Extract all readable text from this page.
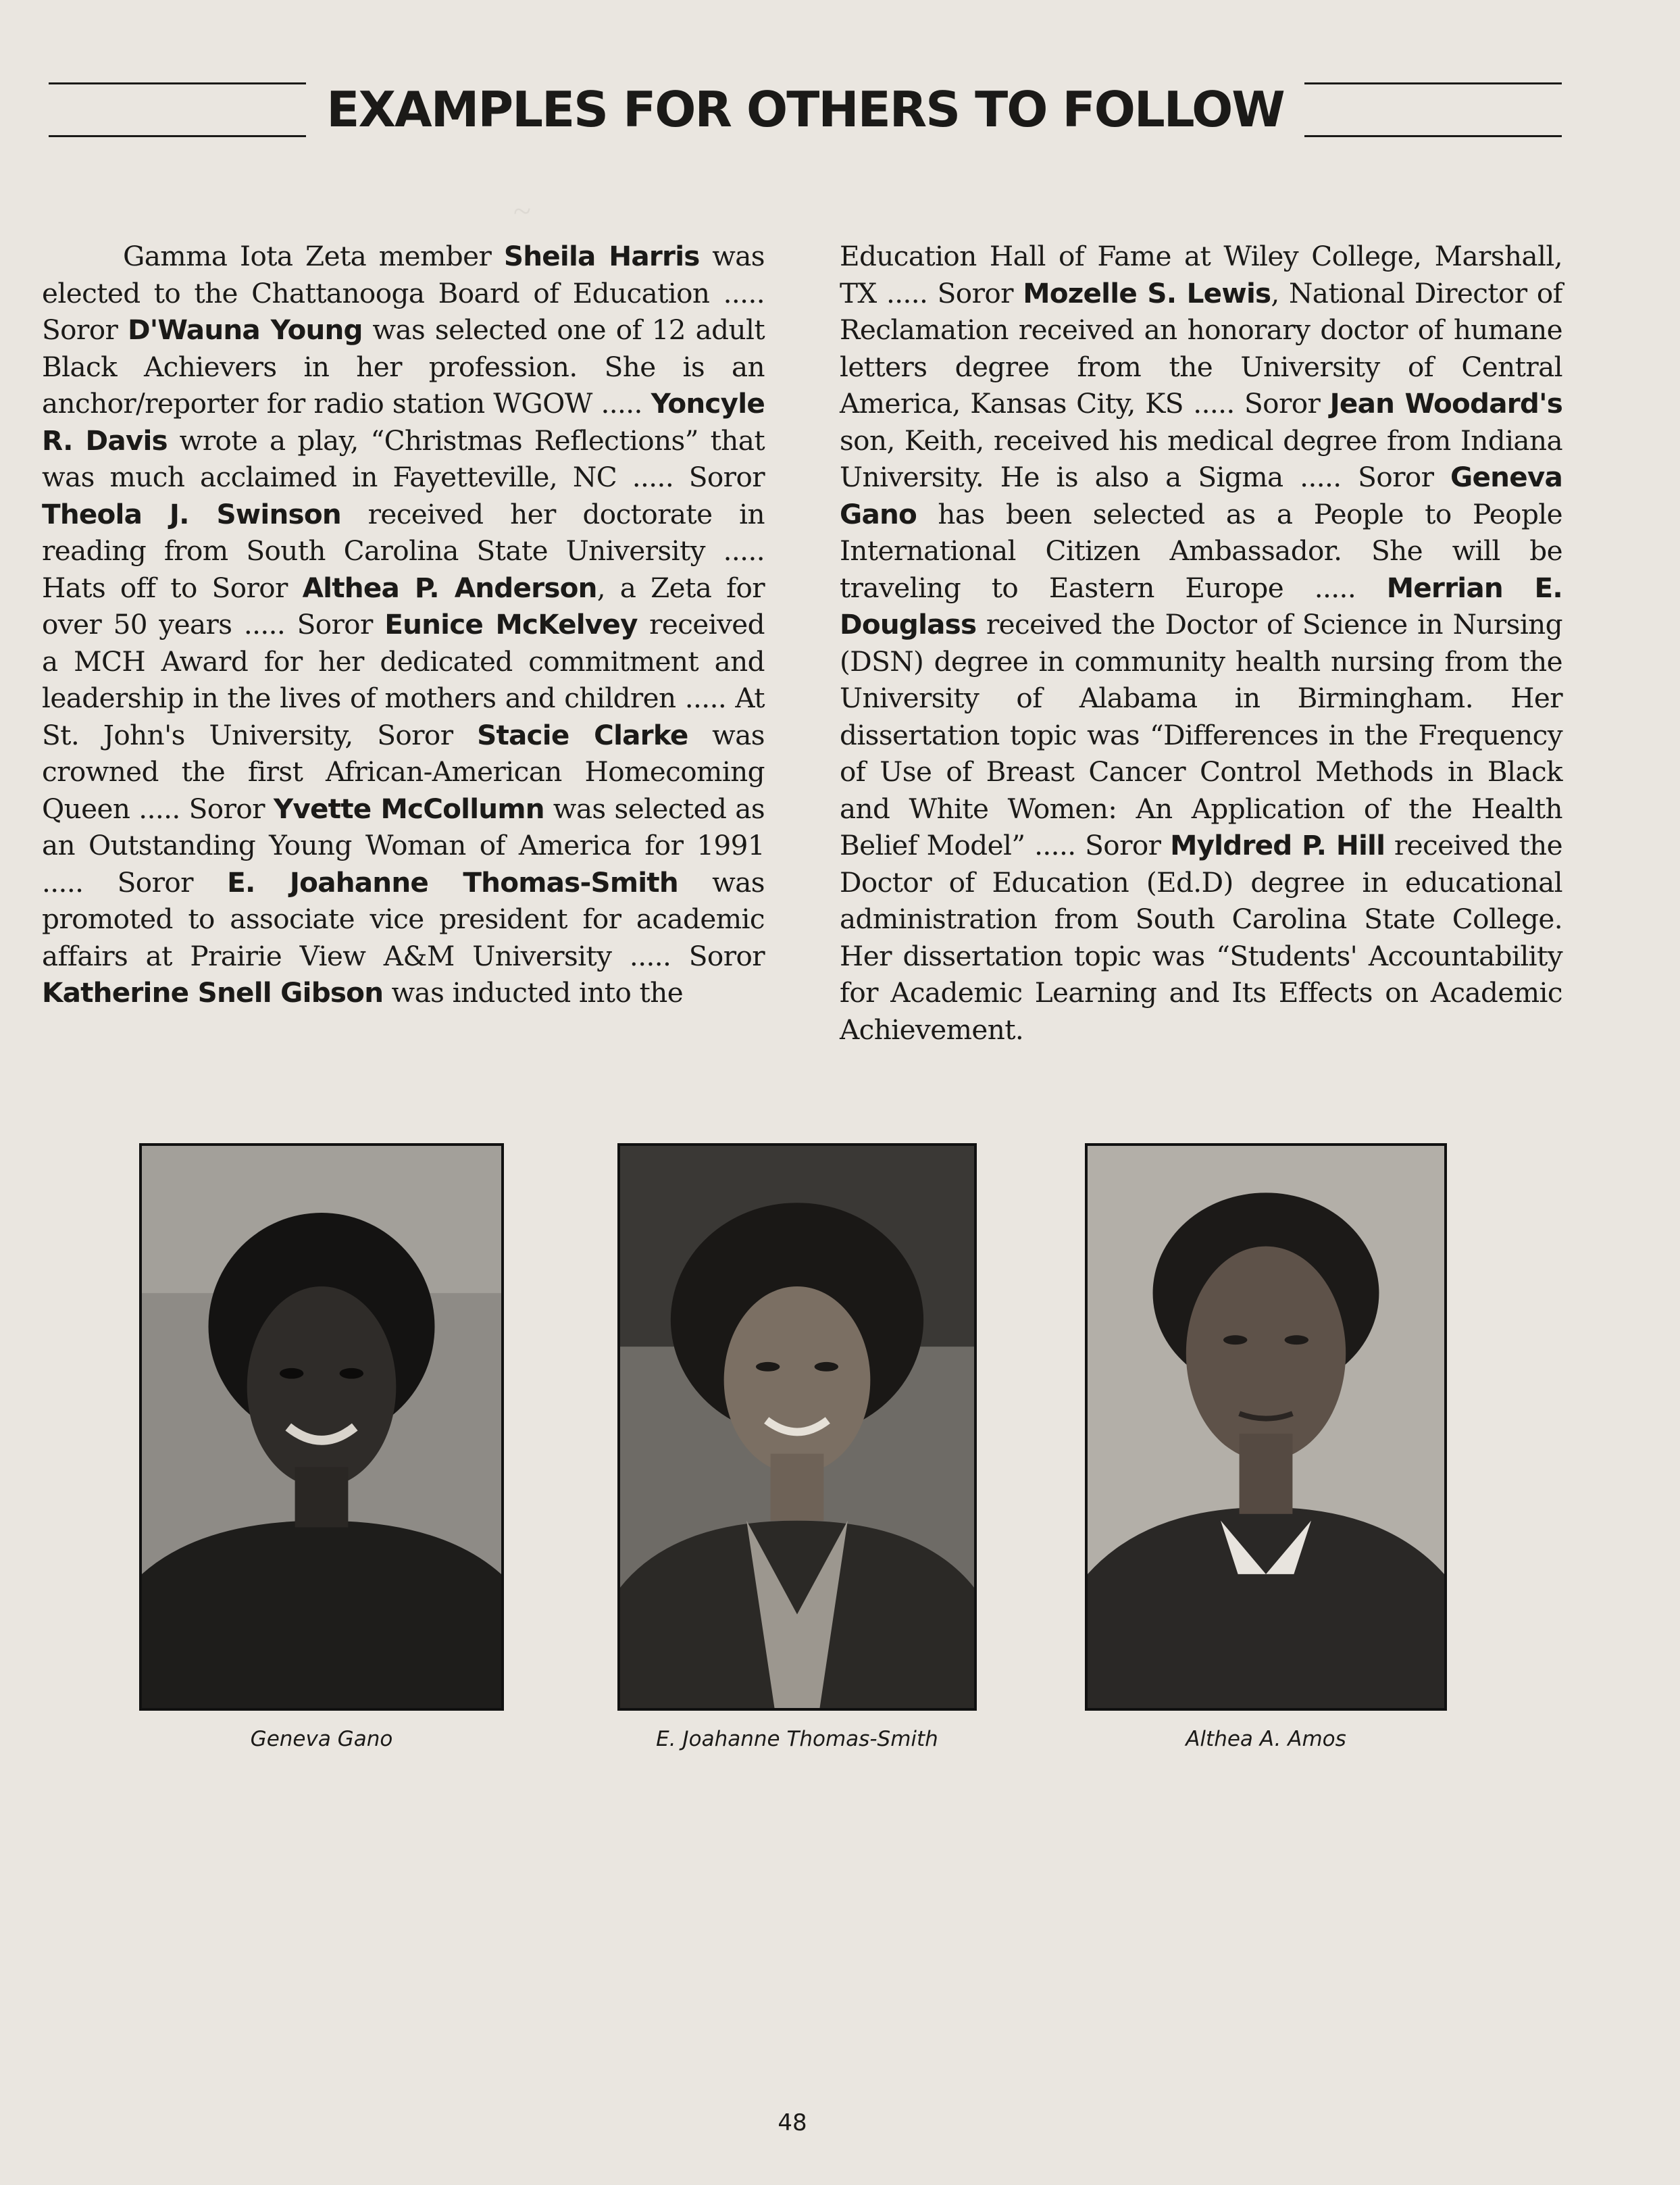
~
EXAMPLES FOR OTHERS TO FOLLOW

Gamma Iota Zeta member Sheila Harris was elected to the Chattanooga Board of Education ..... Soror D'Wauna Young was selected one of 12 adult Black Achievers in her profession. She is an anchor/reporter for radio station WGOW ..... Yoncyle R. Davis wrote a play, “Christmas Reflections” that was much acclaimed in Fayetteville, NC ..... Soror Theola J. Swinson received her doctorate in reading from South Carolina State University ..... Hats off to Soror Althea P. Anderson, a Zeta for over 50 years ..... Soror Eunice McKelvey received a MCH Award for her dedicated commitment and leadership in the lives of mothers and children ..... At St. John's University, Soror Stacie Clarke was crowned the first African-American Homecoming Queen ..... Soror Yvette McCollumn was selected as an Outstanding Young Woman of America for 1991 ..... Soror E. Joahanne Thomas-Smith was promoted to associate vice president for academic affairs at Prairie View A&M University ..... Soror Katherine Snell Gibson was inducted into the

Education Hall of Fame at Wiley College, Marshall, TX ..... Soror Mozelle S. Lewis, National Director of Reclamation received an honorary doctor of humane letters degree from the University of Central America, Kansas City, KS ..... Soror Jean Woodard's son, Keith, received his medical degree from Indiana University. He is also a Sigma ..... Soror Geneva Gano has been selected as a People to People International Citizen Ambassador. She will be traveling to Eastern Europe ..... Merrian E. Douglass received the Doctor of Science in Nursing (DSN) degree in community health nursing from the University of Alabama in Birmingham. Her dissertation topic was “Differences in the Frequency of Use of Breast Cancer Control Methods in Black and White Women: An Application of the Health Belief Model” ..... Soror Myldred P. Hill received the Doctor of Education (Ed.D) degree in educational administration from South Carolina State College. Her dissertation topic was “Students' Accountability for Academic Learning and Its Effects on Academic Achievement.

Geneva Gano	E. Joahanne Thomas-Smith	Althea A. Amos
48
